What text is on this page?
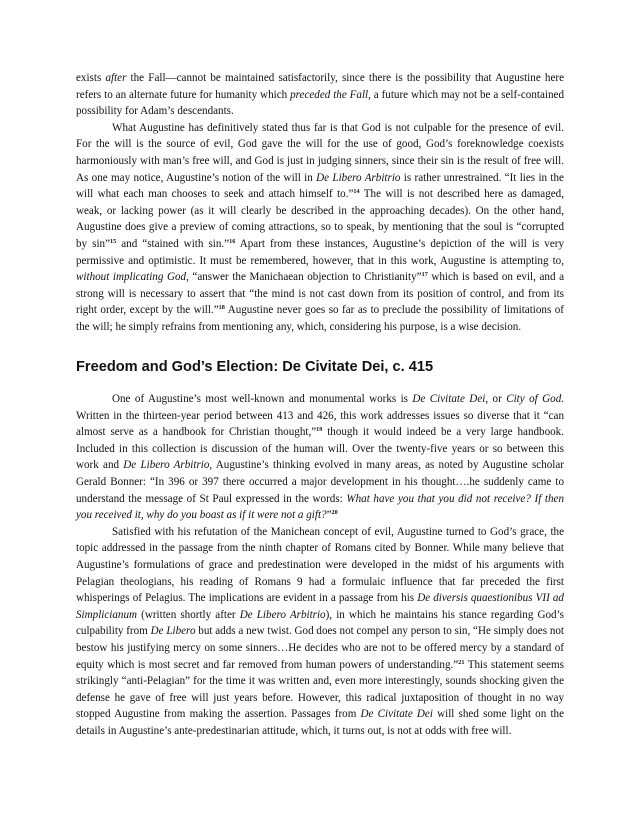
exists after the Fall—cannot be maintained satisfactorily, since there is the possibility that Augustine here refers to an alternate future for humanity which preceded the Fall, a future which may not be a self-contained possibility for Adam’s descendants.

What Augustine has definitively stated thus far is that God is not culpable for the presence of evil. For the will is the source of evil, God gave the will for the use of good, God’s foreknowledge coexists harmoniously with man’s free will, and God is just in judging sinners, since their sin is the result of free will. As one may notice, Augustine’s notion of the will in De Libero Arbitrio is rather unrestrained. “It lies in the will what each man chooses to seek and attach himself to.”$^{14}$ The will is not described here as damaged, weak, or lacking power (as it will clearly be described in the approaching decades). On the other hand, Augustine does give a preview of coming attractions, so to speak, by mentioning that the soul is “corrupted by sin”$^{15}$ and “stained with sin.”$^{16}$ Apart from these instances, Augustine’s depiction of the will is very permissive and optimistic. It must be remembered, however, that in this work, Augustine is attempting to, without implicating God, “answer the Manichaean objection to Christianity”$^{17}$ which is based on evil, and a strong will is necessary to assert that “the mind is not cast down from its position of control, and from its right order, except by the will.”$^{18}$ Augustine never goes so far as to preclude the possibility of limitations of the will; he simply refrains from mentioning any, which, considering his purpose, is a wise decision.

Freedom and God’s Election: De Civitate Dei, c. 415

One of Augustine’s most well-known and monumental works is De Civitate Dei, or City of God. Written in the thirteen-year period between 413 and 426, this work addresses issues so diverse that it “can almost serve as a handbook for Christian thought,”$^{19}$ though it would indeed be a very large handbook. Included in this collection is discussion of the human will. Over the twenty-five years or so between this work and De Libero Arbitrio, Augustine’s thinking evolved in many areas, as noted by Augustine scholar Gerald Bonner: “In 396 or 397 there occurred a major development in his thought….he suddenly came to understand the message of St Paul expressed in the words: What have you that you did not receive? If then you received it, why do you boast as if it were not a gift?”$^{20}$

Satisfied with his refutation of the Manichean concept of evil, Augustine turned to God’s grace, the topic addressed in the passage from the ninth chapter of Romans cited by Bonner. While many believe that Augustine’s formulations of grace and predestination were developed in the midst of his arguments with Pelagian theologians, his reading of Romans 9 had a formulaic influence that far preceded the first whisperings of Pelagius. The implications are evident in a passage from his De diversis quaestionibus VII ad Simplicianum (written shortly after De Libero Arbitrio), in which he maintains his stance regarding God’s culpability from De Libero but adds a new twist. God does not compel any person to sin, “He simply does not bestow his justifying mercy on some sinners…He decides who are not to be offered mercy by a standard of equity which is most secret and far removed from human powers of understanding.”$^{21}$ This statement seems strikingly “anti-Pelagian” for the time it was written and, even more interestingly, sounds shocking given the defense he gave of free will just years before. However, this radical juxtaposition of thought in no way stopped Augustine from making the assertion. Passages from De Civitate Dei will shed some light on the details in Augustine’s ante-predestinarian attitude, which, it turns out, is not at odds with free will.
